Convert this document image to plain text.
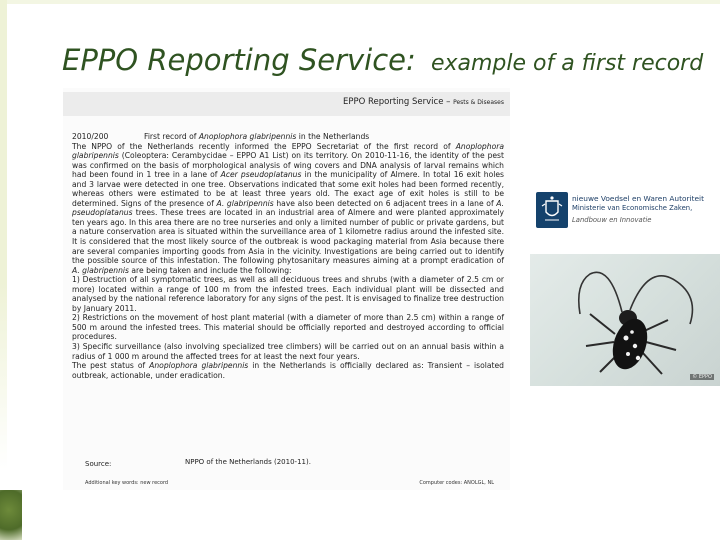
EPPO Reporting Service: example of a first record
EPPO Reporting Service – Pests & Diseases
2010/200	First record of Anoplophora glabripennis in the Netherlands

The NPPO of the Netherlands recently informed the EPPO Secretariat of the first record of Anoplophora glabripennis (Coleoptera: Cerambycidae – EPPO A1 List) on its territory. On 2010-11-16, the identity of the pest was confirmed on the basis of morphological analysis of wing covers and DNA analysis of larval remains which had been found in 1 tree in a lane of Acer pseudoplatanus in the municipality of Almere. In total 16 exit holes and 3 larvae were detected in one tree. Observations indicated that some exit holes had been formed recently, whereas others were estimated to be at least three years old. The exact age of exit holes is still to be determined. Signs of the presence of A. glabripennis have also been detected on 6 adjacent trees in a lane of A. pseudoplatanus trees. These trees are located in an industrial area of Almere and were planted approximately ten years ago. In this area there are no tree nurseries and only a limited number of public or private gardens, but a nature conservation area is situated within the surveillance area of 1 kilometre radius around the infested site. It is considered that the most likely source of the outbreak is wood packaging material from Asia because there are several companies importing goods from Asia in the vicinity. Investigations are being carried out to identify the possible source of this infestation. The following phytosanitary measures aiming at a prompt eradication of A. glabripennis are being taken and include the following:

1) Destruction of all symptomatic trees, as well as all deciduous trees and shrubs (with a diameter of 2.5 cm or more) located within a range of 100 m from the infested trees. Each individual plant will be dissected and analysed by the national reference laboratory for any signs of the pest. It is envisaged to finalize tree destruction by January 2011.

2) Restrictions on the movement of host plant material (with a diameter of more than 2.5 cm) within a range of 500 m around the infested trees. This material should be officially reported and destroyed according to official procedures.

3) Specific surveillance (also involving specialized tree climbers) will be carried out on an annual basis within a radius of 1 000 m around the affected trees for at least the next four years.

The pest status of Anoplophora glabripennis in the Netherlands is officially declared as: Transient – isolated outbreak, actionable, under eradication.

Source:	NPPO of the Netherlands (2010-11).
Additional key words: new record	Computer codes: ANOLGL, NL
nieuwe Voedsel en Waren Autoriteit
Ministerie van Economische Zaken,
Landbouw en Innovatie
© EPPO
